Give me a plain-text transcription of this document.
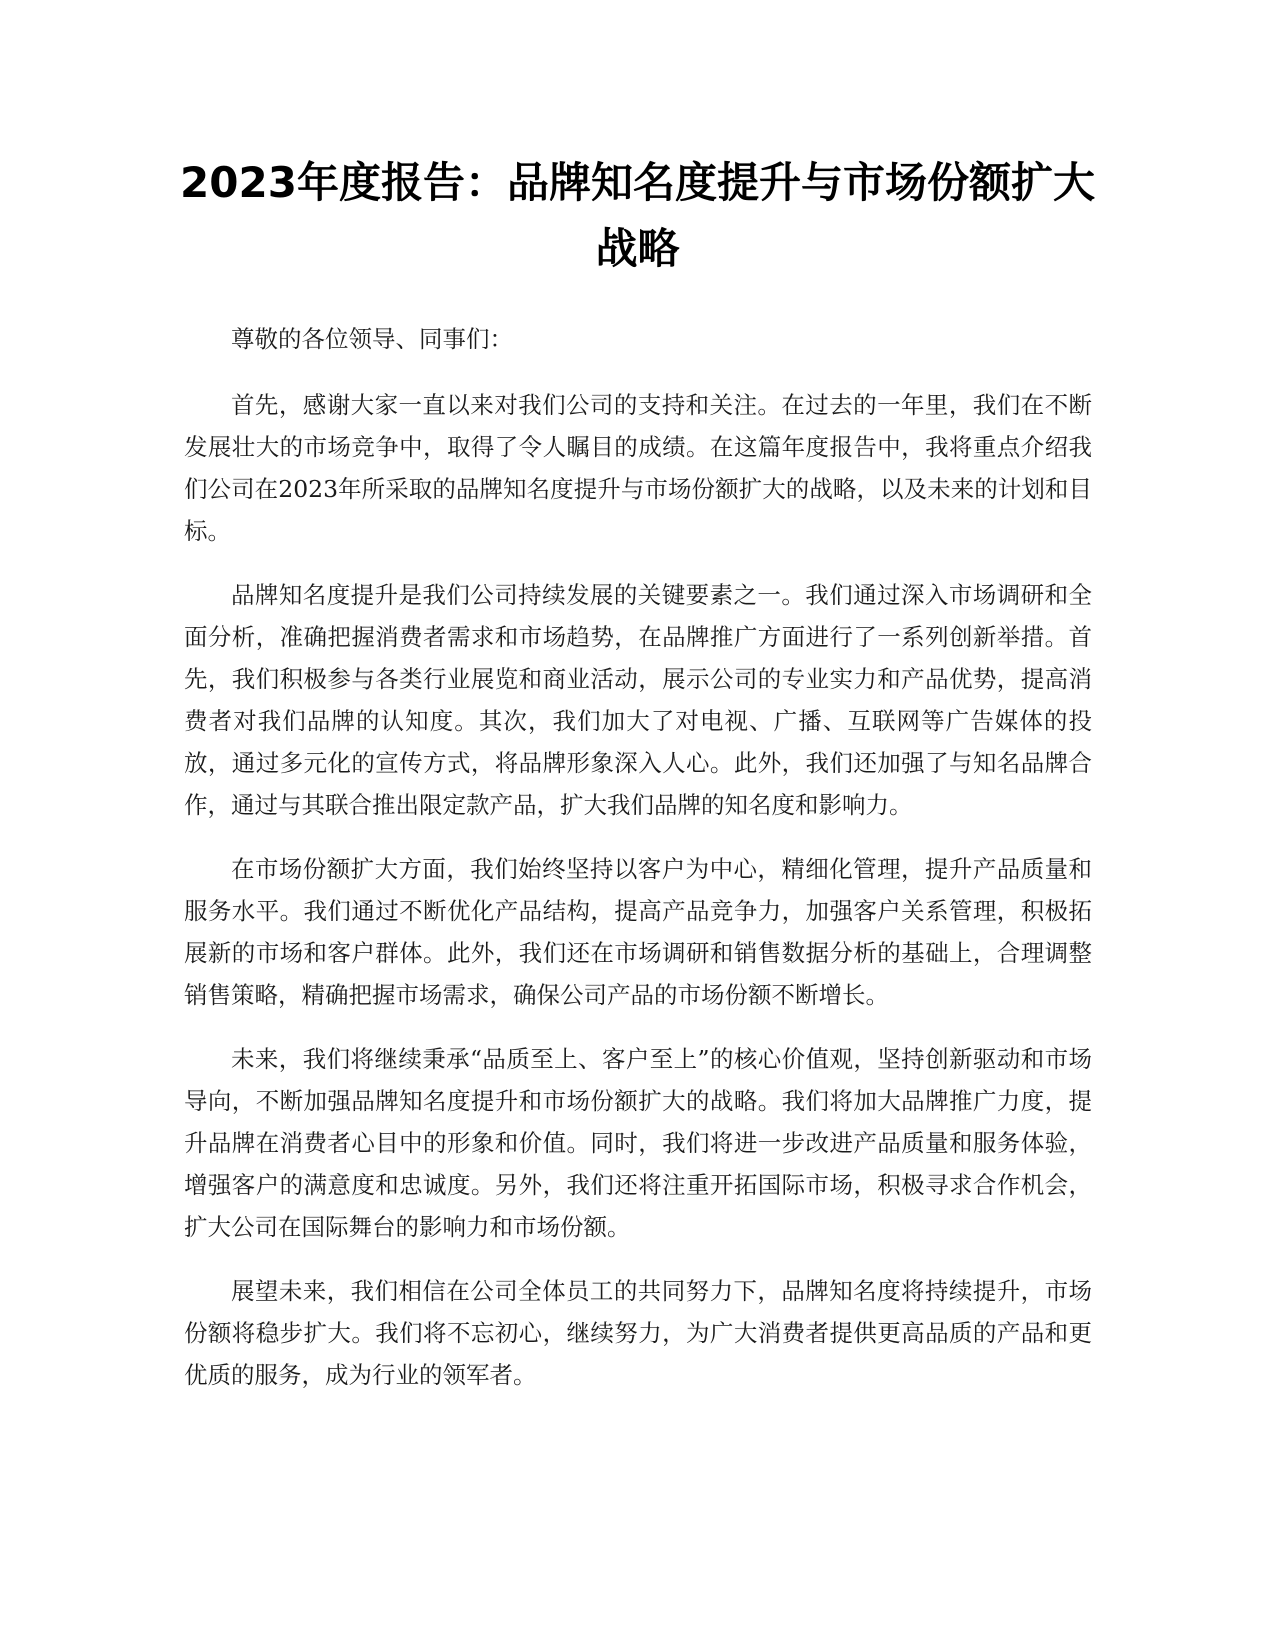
2023年度报告：品牌知名度提升与市场份额扩大战略

尊敬的各位领导、同事们：

首先，感谢大家一直以来对我们公司的支持和关注。在过去的一年里，我们在不断发展壮大的市场竞争中，取得了令人瞩目的成绩。在这篇年度报告中，我将重点介绍我们公司在2023年所采取的品牌知名度提升与市场份额扩大的战略，以及未来的计划和目标。

品牌知名度提升是我们公司持续发展的关键要素之一。我们通过深入市场调研和全面分析，准确把握消费者需求和市场趋势，在品牌推广方面进行了一系列创新举措。首先，我们积极参与各类行业展览和商业活动，展示公司的专业实力和产品优势，提高消费者对我们品牌的认知度。其次，我们加大了对电视、广播、互联网等广告媒体的投放，通过多元化的宣传方式，将品牌形象深入人心。此外，我们还加强了与知名品牌合作，通过与其联合推出限定款产品，扩大我们品牌的知名度和影响力。

在市场份额扩大方面，我们始终坚持以客户为中心，精细化管理，提升产品质量和服务水平。我们通过不断优化产品结构，提高产品竞争力，加强客户关系管理，积极拓展新的市场和客户群体。此外，我们还在市场调研和销售数据分析的基础上，合理调整销售策略，精确把握市场需求，确保公司产品的市场份额不断增长。

未来，我们将继续秉承“品质至上、客户至上”的核心价值观，坚持创新驱动和市场导向，不断加强品牌知名度提升和市场份额扩大的战略。我们将加大品牌推广力度，提升品牌在消费者心目中的形象和价值。同时，我们将进一步改进产品质量和服务体验，增强客户的满意度和忠诚度。另外，我们还将注重开拓国际市场，积极寻求合作机会，扩大公司在国际舞台的影响力和市场份额。

展望未来，我们相信在公司全体员工的共同努力下，品牌知名度将持续提升，市场份额将稳步扩大。我们将不忘初心，继续努力，为广大消费者提供更高品质的产品和更优质的服务，成为行业的领军者。
